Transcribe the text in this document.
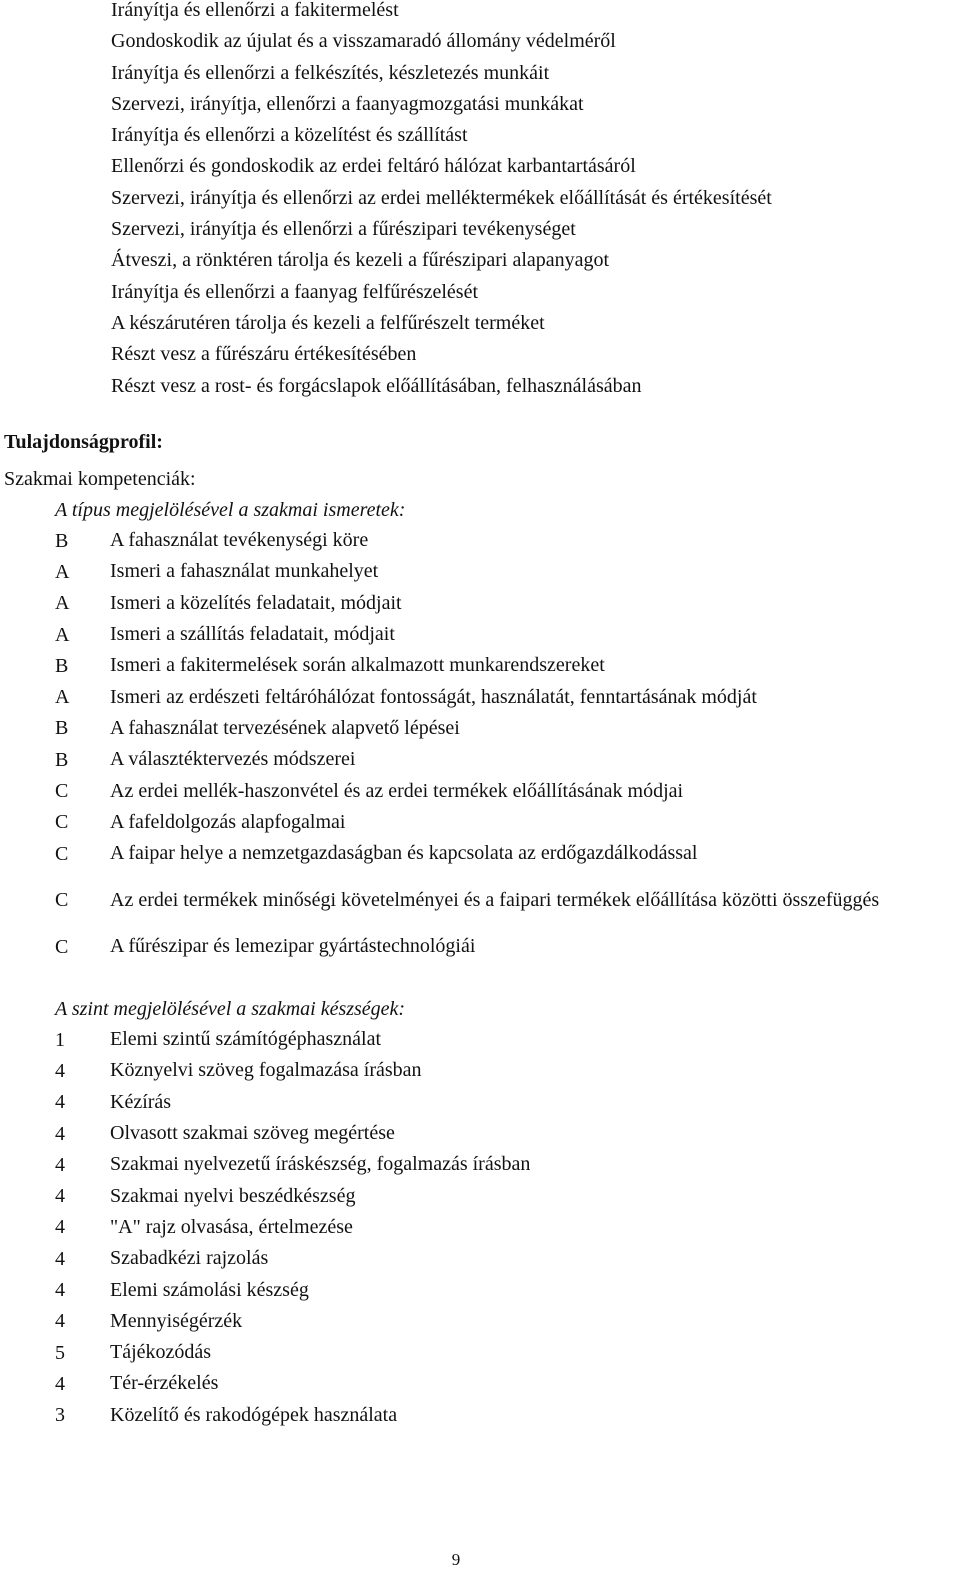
Irányítja és ellenőrzi a fakitermelést
Gondoskodik az újulat és a visszamaradó állomány védelméről
Irányítja és ellenőrzi a felkészítés, készletezés munkáit
Szervezi, irányítja, ellenőrzi a faanyagmozgatási munkákat
Irányítja és ellenőrzi a közelítést és szállítást
Ellenőrzi és gondoskodik az erdei feltáró hálózat karbantartásáról
Szervezi, irányítja és ellenőrzi az erdei melléktermékek előállítását és értékesítését
Szervezi, irányítja és ellenőrzi a fűrészipari tevékenységet
Átveszi, a rönktéren tárolja és kezeli a fűrészipari alapanyagot
Irányítja és ellenőrzi a faanyag felfűrészelését
A készárutéren tárolja és kezeli a felfűrészelt terméket
Részt vesz a fűrészáru értékesítésében
Részt vesz a rost- és forgácslapok előállításában, felhasználásában
Tulajdonságprofil:
Szakmai kompetenciák:
A típus megjelölésével a szakmai ismeretek:
B	A fahasználat tevékenységi köre
A	Ismeri a fahasználat munkahelyet
A	Ismeri a közelítés feladatait, módjait
A	Ismeri a szállítás feladatait, módjait
B	Ismeri a fakitermelések során alkalmazott munkarendszereket
A	Ismeri az erdészeti feltáróhálózat fontosságát, használatát, fenntartásának módját
B	A fahasználat tervezésének alapvető lépései
B	A választéktervezés módszerei
C	Az erdei mellék-haszonvétel és az erdei termékek előállításának módjai
C	A fafeldolgozás alapfogalmai
C	A faipar helye a nemzetgazdaságban és kapcsolata az erdőgazdálkodással
C	Az erdei termékek minőségi követelményei és a faipari termékek előállítása közötti összefüggés
C	A fűrészipar és lemezipar gyártástechnológiái
A szint megjelölésével a szakmai készségek:
1	Elemi szintű számítógéphasználat
4	Köznyelvi szöveg fogalmazása írásban
4	Kézírás
4	Olvasott szakmai szöveg megértése
4	Szakmai nyelvezetű íráskészség, fogalmazás írásban
4	Szakmai nyelvi beszédkészség
4	"A" rajz olvasása, értelmezése
4	Szabadkézi rajzolás
4	Elemi számolási készség
4	Mennyiségérzék
5	Tájékozódás
4	Tér-érzékelés
3	Közelítő és rakodógépek használata
9
